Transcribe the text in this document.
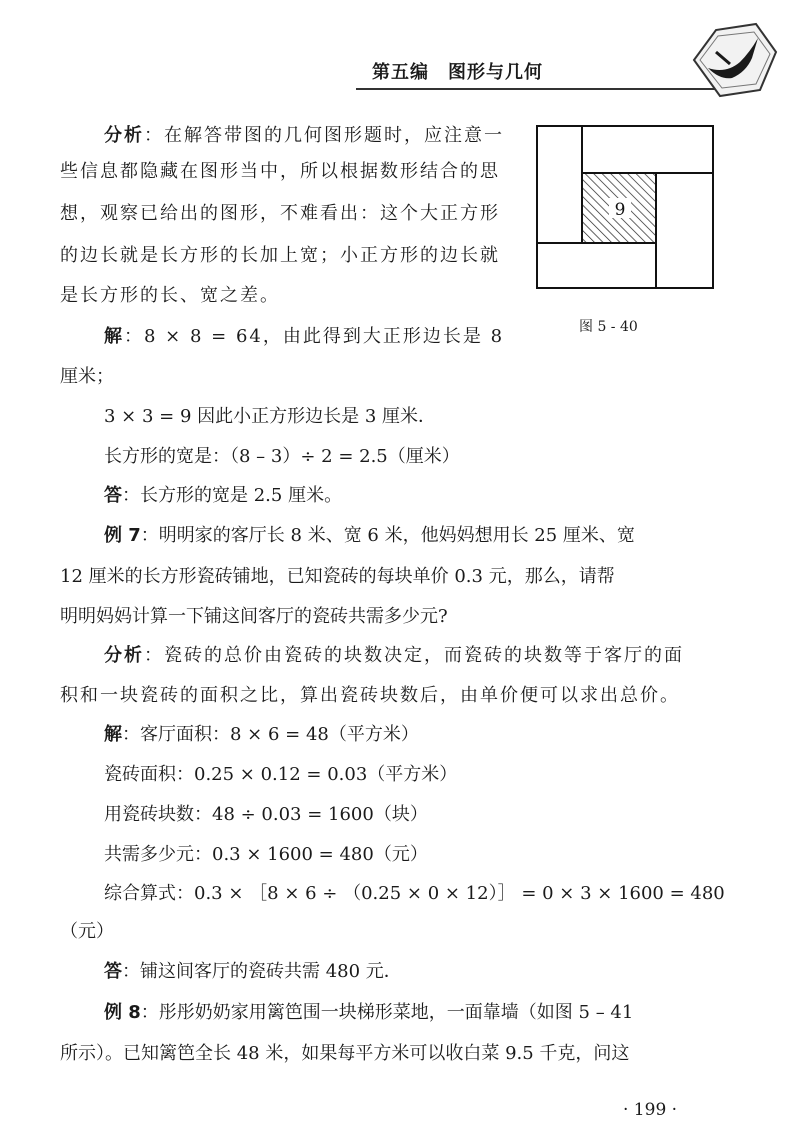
第五编　图形与几何
9
图 5 - 40
分析：在解答带图的几何图形题时，应注意一
些信息都隐藏在图形当中，所以根据数形结合的思
想，观察已给出的图形，不难看出：这个大正方形
的边长就是长方形的长加上宽；小正方形的边长就
是长方形的长、宽之差。
解：8 × 8 = 64，由此得到大正形边长是 8
厘米；
3 × 3 = 9 因此小正方形边长是 3 厘米．
长方形的宽是：（8 – 3）÷ 2 = 2.5（厘米）
答：长方形的宽是 2.5 厘米。
例 7：明明家的客厅长 8 米、宽 6 米，他妈妈想用长 25 厘米、宽
12 厘米的长方形瓷砖铺地，已知瓷砖的每块单价 0.3 元，那么，请帮
明明妈妈计算一下铺这间客厅的瓷砖共需多少元?
分析：瓷砖的总价由瓷砖的块数决定，而瓷砖的块数等于客厅的面
积和一块瓷砖的面积之比，算出瓷砖块数后，由单价便可以求出总价。
解：客厅面积：8 × 6 = 48（平方米）
瓷砖面积：0.25 × 0.12 = 0.03（平方米）
用瓷砖块数：48 ÷ 0.03 = 1600（块）
共需多少元：0.3 × 1600 = 480（元）
综合算式：0.3 × ［8 × 6 ÷ （0.25 × 0 × 12）］ = 0 × 3 × 1600 = 480
（元）
答：铺这间客厅的瓷砖共需 480 元．
例 8：彤彤奶奶家用篱笆围一块梯形菜地，一面靠墙（如图 5 – 41
所示）。已知篱笆全长 48 米，如果每平方米可以收白菜 9.5 千克，问这
· 199 ·
